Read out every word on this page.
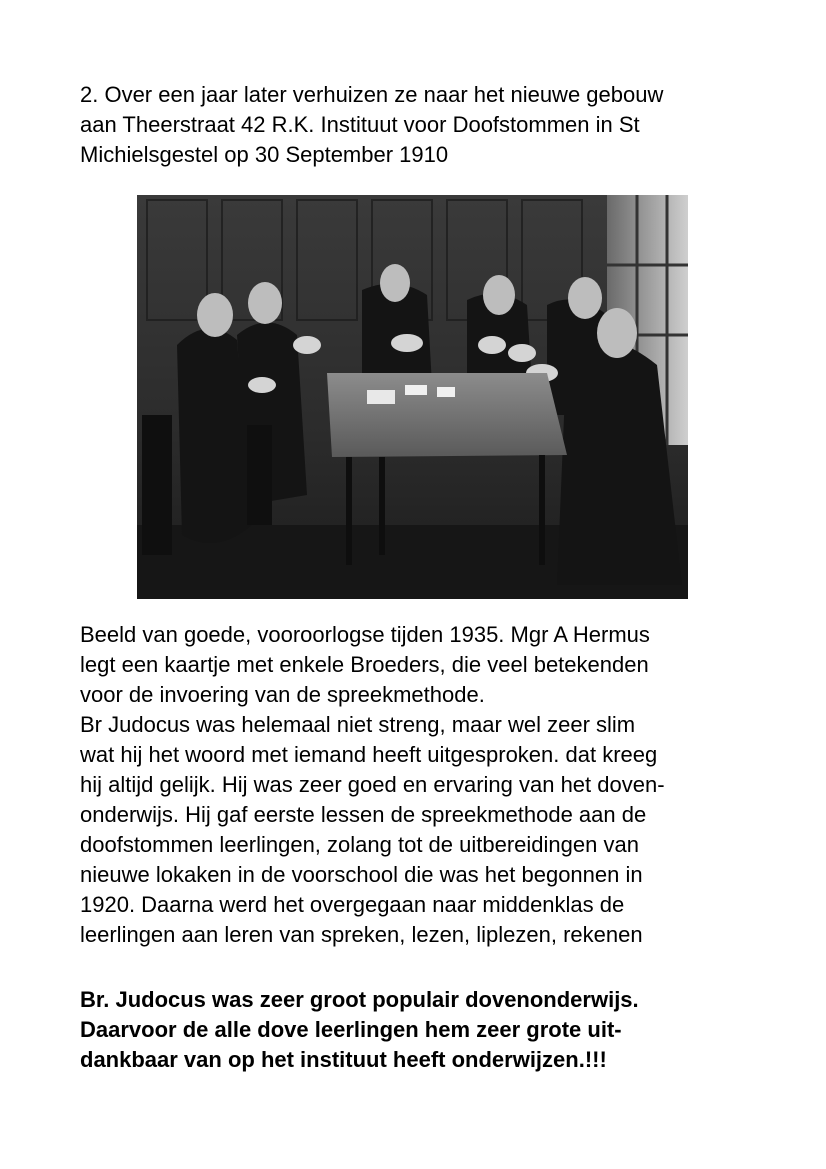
2. Over een jaar later verhuizen ze naar het nieuwe gebouw
aan Theerstraat 42 R.K. Instituut voor Doofstommen in St
Michielsgestel op 30 September 1910
Beeld van goede, vooroorlogse tijden 1935. Mgr A Hermus
legt een kaartje met enkele Broeders, die veel betekenden
voor de invoering van de spreekmethode.
Br Judocus was helemaal niet streng, maar wel zeer slim
wat hij het woord met iemand heeft uitgesproken. dat kreeg
hij altijd gelijk. Hij was zeer goed en ervaring van het doven-
onderwijs. Hij gaf eerste lessen de spreekmethode aan de
doofstommen leerlingen, zolang tot de uitbereidingen van
nieuwe lokaken in de voorschool die was het begonnen in
1920. Daarna werd het overgegaan naar middenklas de
leerlingen aan leren van spreken, lezen, liplezen, rekenen
Br. Judocus was zeer groot populair dovenonderwijs.
Daarvoor de alle dove leerlingen hem zeer grote uit-
dankbaar van op het instituut heeft onderwijzen.!!!
